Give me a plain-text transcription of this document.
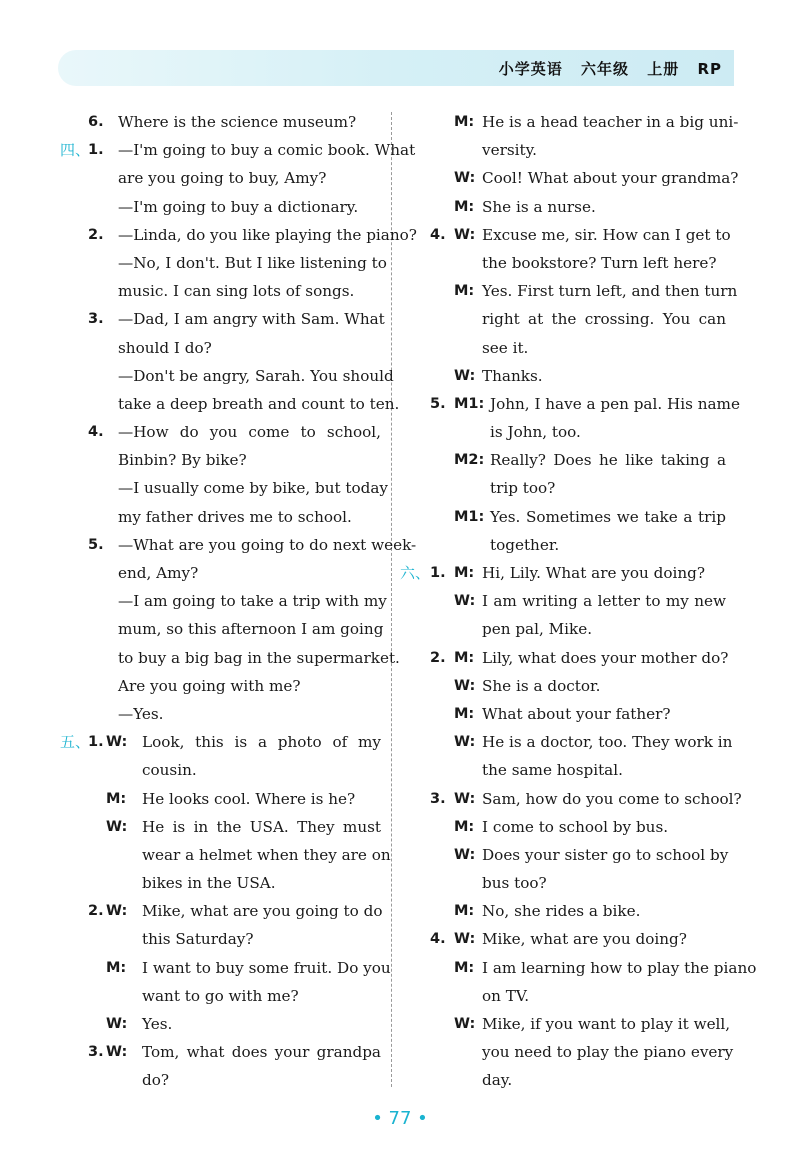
小学英语 六年级 上册 RP
6. Where is the science museum?
四、
1. —I'm going to buy a comic book. What
are you going to buy, Amy?
—I'm going to buy a dictionary.
2. —Linda, do you like playing the piano?
—No, I don't. But I like listening to
music. I can sing lots of songs.
3. —Dad, I am angry with Sam. What
should I do?
—Don't be angry, Sarah. You should
take a deep breath and count to ten.
4. —How do you come to school,
Binbin? By bike?
—I usually come by bike, but today
my father drives me to school.
5. —What are you going to do next week-
end, Amy?
—I am going to take a trip with my
mum, so this afternoon I am going
to buy a big bag in the supermarket.
Are you going with me?
—Yes.
五、
1. W: Look, this is a photo of my
cousin.
M: He looks cool. Where is he?
W: He is in the USA. They must
wear a helmet when they are on
bikes in the USA.
2. W: Mike, what are you going to do
this Saturday?
M: I want to buy some fruit. Do you
want to go with me?
W: Yes.
3. W: Tom, what does your grandpa
do?
M: He is a head teacher in a big uni-
versity.
W: Cool! What about your grandma?
M: She is a nurse.
4. W: Excuse me, sir. How can I get to
the bookstore? Turn left here?
M: Yes. First turn left, and then turn
right at the crossing. You can
see it.
W: Thanks.
5. M1: John, I have a pen pal. His name
is John, too.
M2: Really? Does he like taking a
trip too?
M1: Yes. Sometimes we take a trip
together.
六、 1. M: Hi, Lily. What are you doing?
W: I am writing a letter to my new
pen pal, Mike.
2. M: Lily, what does your mother do?
W: She is a doctor.
M: What about your father?
W: He is a doctor, too. They work in
the same hospital.
3. W: Sam, how do you come to school?
M: I come to school by bus.
W: Does your sister go to school by
bus too?
M: No, she rides a bike.
4. W: Mike, what are you doing?
M: I am learning how to play the piano
on TV.
W: Mike, if you want to play it well,
you need to play the piano every
day.
• 77 •
